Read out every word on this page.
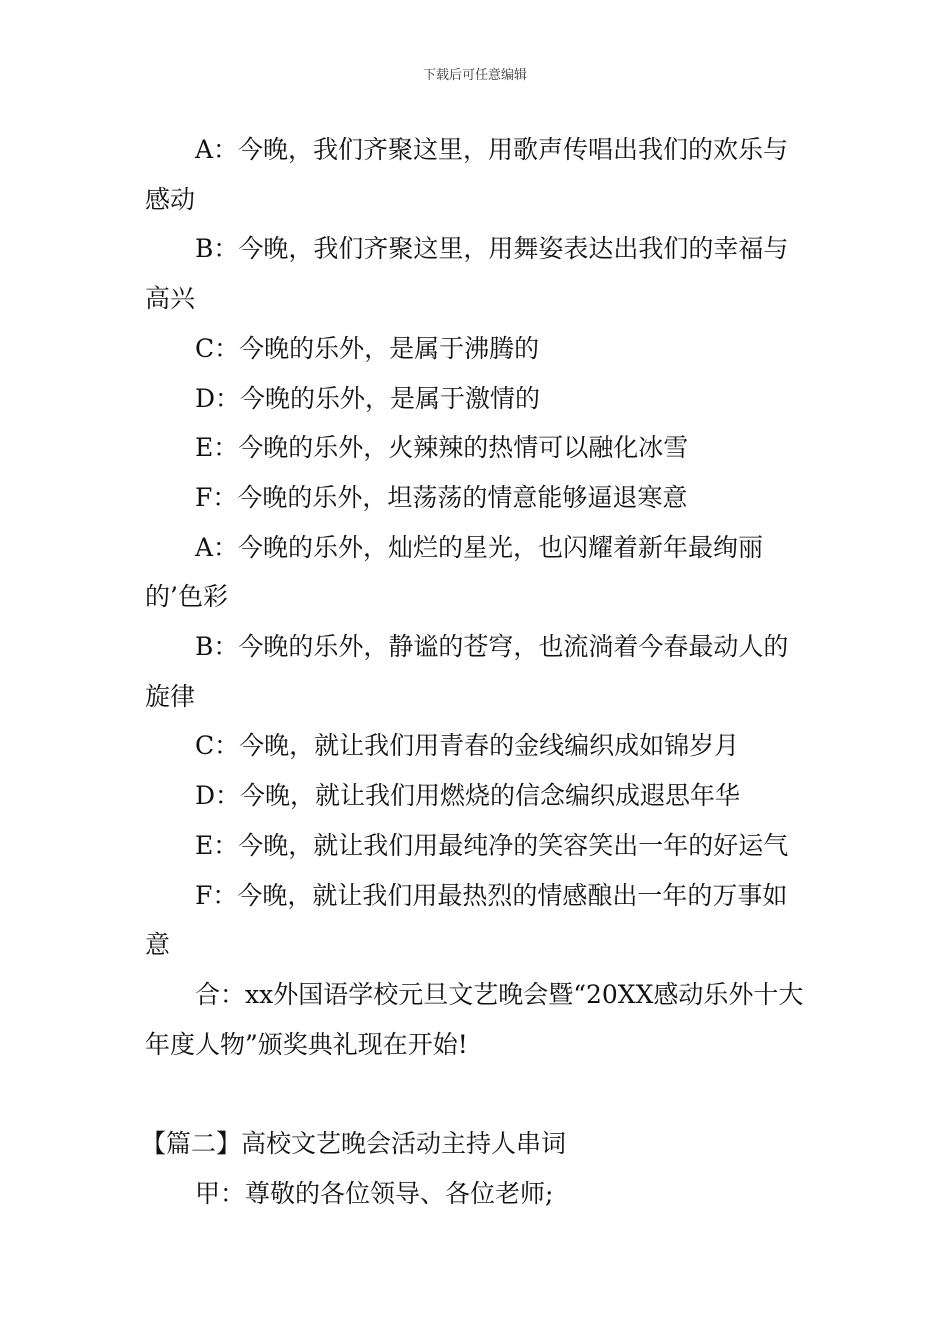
下载后可任意编辑

A：今晚，我们齐聚这里，用歌声传唱出我们的欢乐与感动

B：今晚，我们齐聚这里，用舞姿表达出我们的幸福与高兴

C：今晚的乐外，是属于沸腾的

D：今晚的乐外，是属于激情的

E：今晚的乐外，火辣辣的热情可以融化冰雪

F：今晚的乐外，坦荡荡的情意能够逼退寒意

A：今晚的乐外，灿烂的星光，也闪耀着新年最绚丽的’色彩

B：今晚的乐外，静谧的苍穹，也流淌着今春最动人的旋律

C：今晚，就让我们用青春的金线编织成如锦岁月

D：今晚，就让我们用燃烧的信念编织成遐思年华

E：今晚，就让我们用最纯净的笑容笑出一年的好运气

F：今晚，就让我们用最热烈的情感酿出一年的万事如意

合：xx外国语学校元旦文艺晚会暨“20XX感动乐外十大年度人物”颁奖典礼现在开始!

【篇二】高校文艺晚会活动主持人串词

甲：尊敬的各位领导、各位老师;
